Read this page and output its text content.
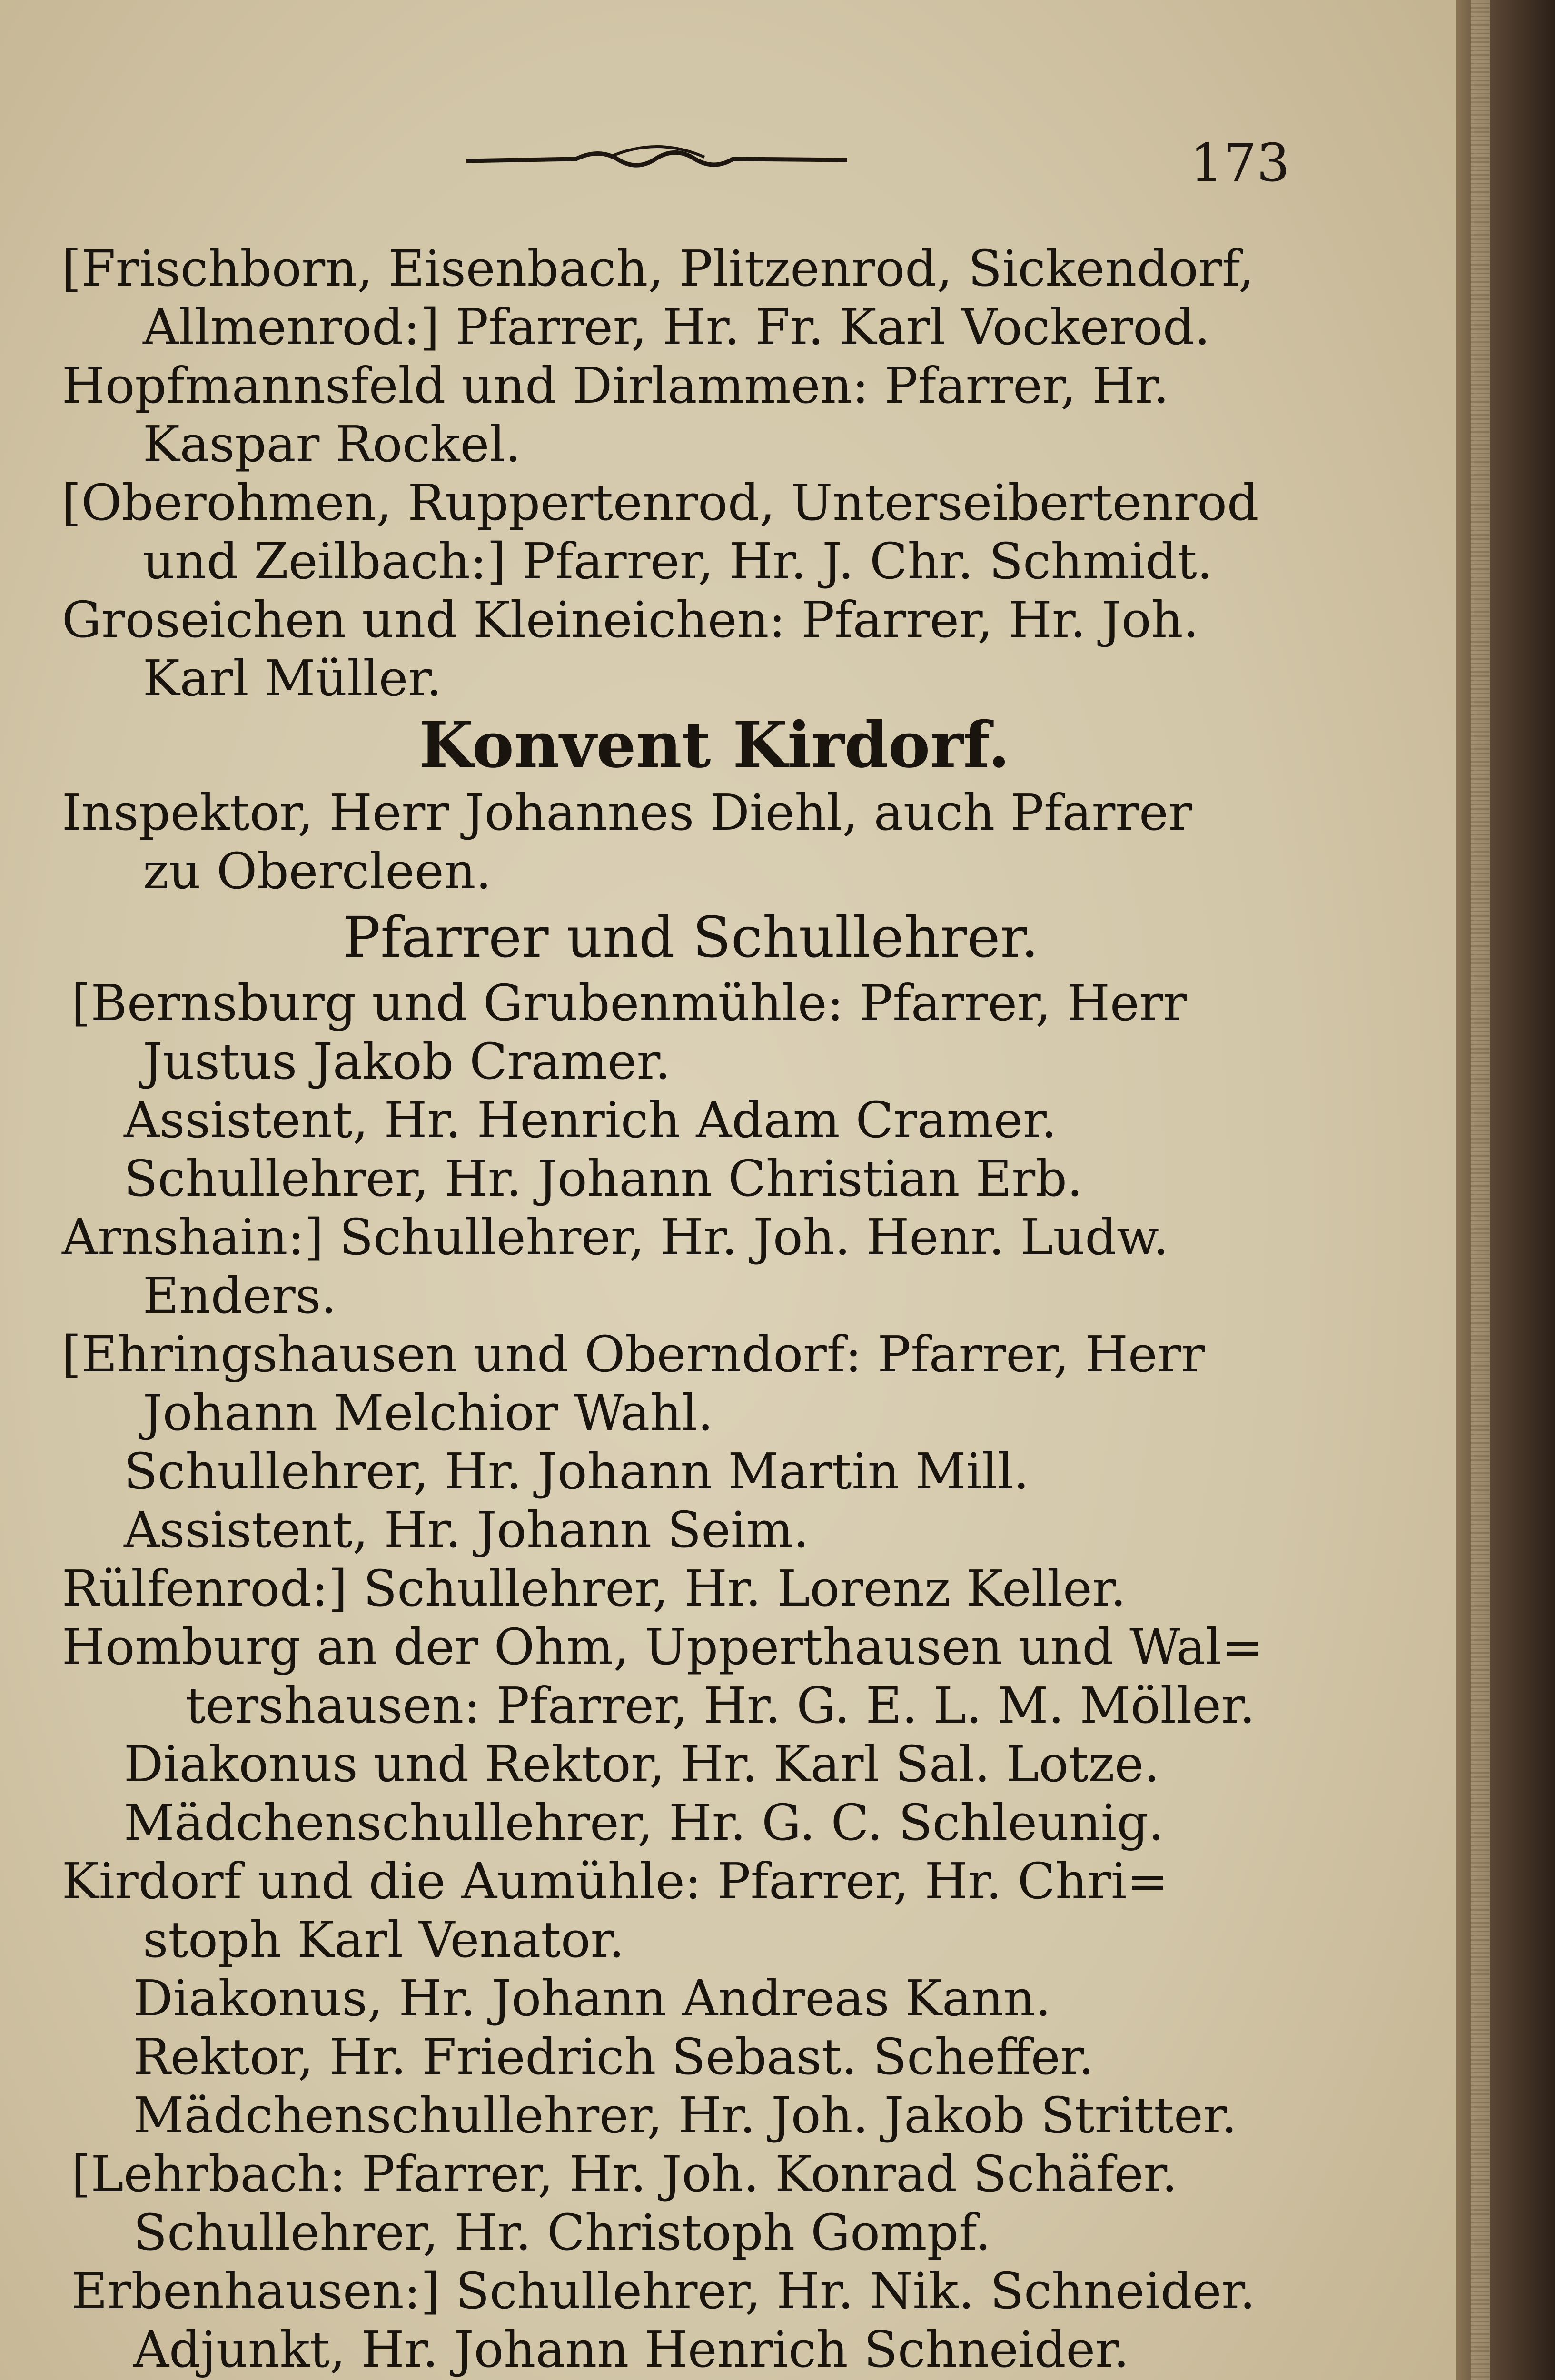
173
[Frischborn, Eisenbach, Plitzenrod, Sickendorf,
Allmenrod:] Pfarrer, Hr. Fr. Karl Vockerod.
Hopfmannsfeld und Dirlammen: Pfarrer, Hr.
Kaspar Rockel.
[Oberohmen, Ruppertenrod, Unterseibertenrod
und Zeilbach:] Pfarrer, Hr. J. Chr. Schmidt.
Groseichen und Kleineichen: Pfarrer, Hr. Joh.
Karl Müller.
Konvent Kirdorf.
Inspektor, Herr Johannes Diehl, auch Pfarrer
zu Obercleen.
Pfarrer und Schullehrer.
[Bernsburg und Grubenmühle: Pfarrer, Herr
Justus Jakob Cramer.
Assistent, Hr. Henrich Adam Cramer.
Schullehrer, Hr. Johann Christian Erb.
Arnshain:] Schullehrer, Hr. Joh. Henr. Ludw.
Enders.
[Ehringshausen und Oberndorf: Pfarrer, Herr
Johann Melchior Wahl.
Schullehrer, Hr. Johann Martin Mill.
Assistent, Hr. Johann Seim.
Rülfenrod:] Schullehrer, Hr. Lorenz Keller.
Homburg an der Ohm, Upperthausen und Wal=
tershausen: Pfarrer, Hr. G. E. L. M. Möller.
Diakonus und Rektor, Hr. Karl Sal. Lotze.
Mädchenschullehrer, Hr. G. C. Schleunig.
Kirdorf und die Aumühle: Pfarrer, Hr. Chri=
stoph Karl Venator.
Diakonus, Hr. Johann Andreas Kann.
Rektor, Hr. Friedrich Sebast. Scheffer.
Mädchenschullehrer, Hr. Joh. Jakob Stritter.
[Lehrbach: Pfarrer, Hr. Joh. Konrad Schäfer.
Schullehrer, Hr. Christoph Gompf.
Erbenhausen:] Schullehrer, Hr. Nik. Schneider.
Adjunkt, Hr. Johann Henrich Schneider.
